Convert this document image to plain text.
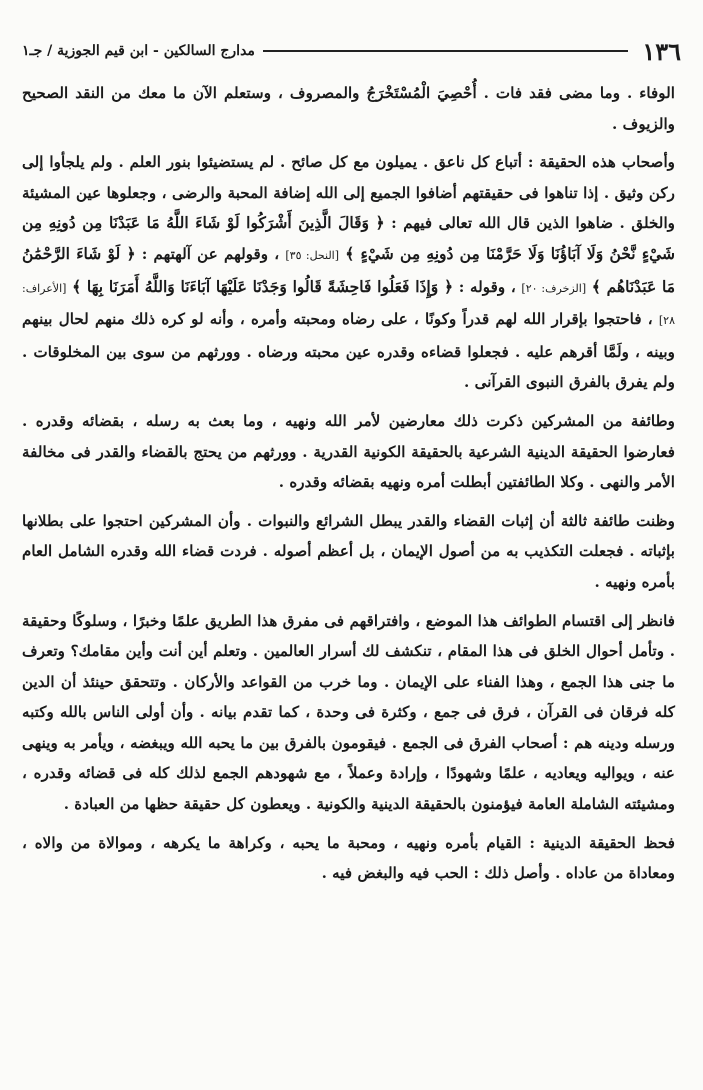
١٣٦
مدارج السالكين - ابن قيم الجوزية / جـ١

الوفاء . وما مضى فقد فات . أُحْصِيَ الْمُسْتَخْرَجُ والمصروف ، وستعلم الآن ما معك من النقد الصحيح والزيوف .

وأصحاب هذه الحقيقة : أتباع كل ناعق . يميلون مع كل صائح . لم يستضيئوا بنور العلم . ولم يلجأوا إلى ركن وثيق . إذا تناهوا فى حقيقتهم أضافوا الجميع إلى الله إضافة المحبة والرضى ، وجعلوها عين المشيئة والخلق . ضاهوا الذين قال الله تعالى فيهم : ﴿ وَقَالَ الَّذِينَ أَشْرَكُوا لَوْ شَاءَ اللَّهُ مَا عَبَدْنَا مِن دُونِهِ مِن شَيْءٍ نَّحْنُ وَلَا آبَاؤُنَا وَلَا حَرَّمْنَا مِن دُونِهِ مِن شَيْءٍ ﴾ [النحل: ٣٥] ، وقولهم عن آلهتهم : ﴿ لَوْ شَاءَ الرَّحْمَٰنُ مَا عَبَدْنَاهُم ﴾ [الزخرف: ٢٠] ، وقوله : ﴿ وَإِذَا فَعَلُوا فَاحِشَةً قَالُوا وَجَدْنَا عَلَيْهَا آبَاءَنَا وَاللَّهُ أَمَرَنَا بِهَا ﴾ [الأعراف: ٢٨] ، فاحتجوا بإقرار الله لهم قدراً وكونًا ، على رضاه ومحبته وأمره ، وأنه لو كره ذلك منهم لحال بينهم وبينه ، ولَمَّا أقرهم عليه . فجعلوا قضاءه وقدره عين محبته ورضاه . وورثهم من سوى بين المخلوقات . ولم يفرق بالفرق النبوى القرآنى .

وطائفة من المشركين ذكرت ذلك معارضين لأمر الله ونهيه ، وما بعث به رسله ، بقضائه وقدره . فعارضوا الحقيقة الدينية الشرعية بالحقيقة الكونية القدرية . وورثهم من يحتج بالقضاء والقدر فى مخالفة الأمر والنهى . وكلا الطائفتين أبطلت أمره ونهيه بقضائه وقدره .

وظنت طائفة ثالثة أن إثبات القضاء والقدر يبطل الشرائع والنبوات . وأن المشركين احتجوا على بطلانها بإثباته . فجعلت التكذيب به من أصول الإيمان ، بل أعظم أصوله . فردت قضاء الله وقدره الشامل العام بأمره ونهيه .

فانظر إلى اقتسام الطوائف هذا الموضع ، وافتراقهم فى مفرق هذا الطريق علمًا وخبرًا ، وسلوكًا وحقيقة . وتأمل أحوال الخلق فى هذا المقام ، تنكشف لك أسرار العالمين . وتعلم أين أنت وأين مقامك؟ وتعرف ما جنى هذا الجمع ، وهذا الفناء على الإيمان . وما خرب من القواعد والأركان . وتتحقق حينئذ أن الدين كله فرقان فى القرآن ، فرق فى جمع ، وكثرة فى وحدة ، كما تقدم بيانه . وأن أولى الناس بالله وكتبه ورسله ودينه هم : أصحاب الفرق فى الجمع . فيقومون بالفرق بين ما يحبه الله ويبغضه ، ويأمر به وينهى عنه ، ويواليه ويعاديه ، علمًا وشهودًا ، وإرادة وعملاً ، مع شهودهم الجمع لذلك كله فى قضائه وقدره ، ومشيئته الشاملة العامة فيؤمنون بالحقيقة الدينية والكونية . ويعطون كل حقيقة حظها من العبادة .

فحظ الحقيقة الدينية : القيام بأمره ونهيه ، ومحبة ما يحبه ، وكراهة ما يكرهه ، وموالاة من والاه ، ومعاداة من عاداه . وأصل ذلك : الحب فيه والبغض فيه .
